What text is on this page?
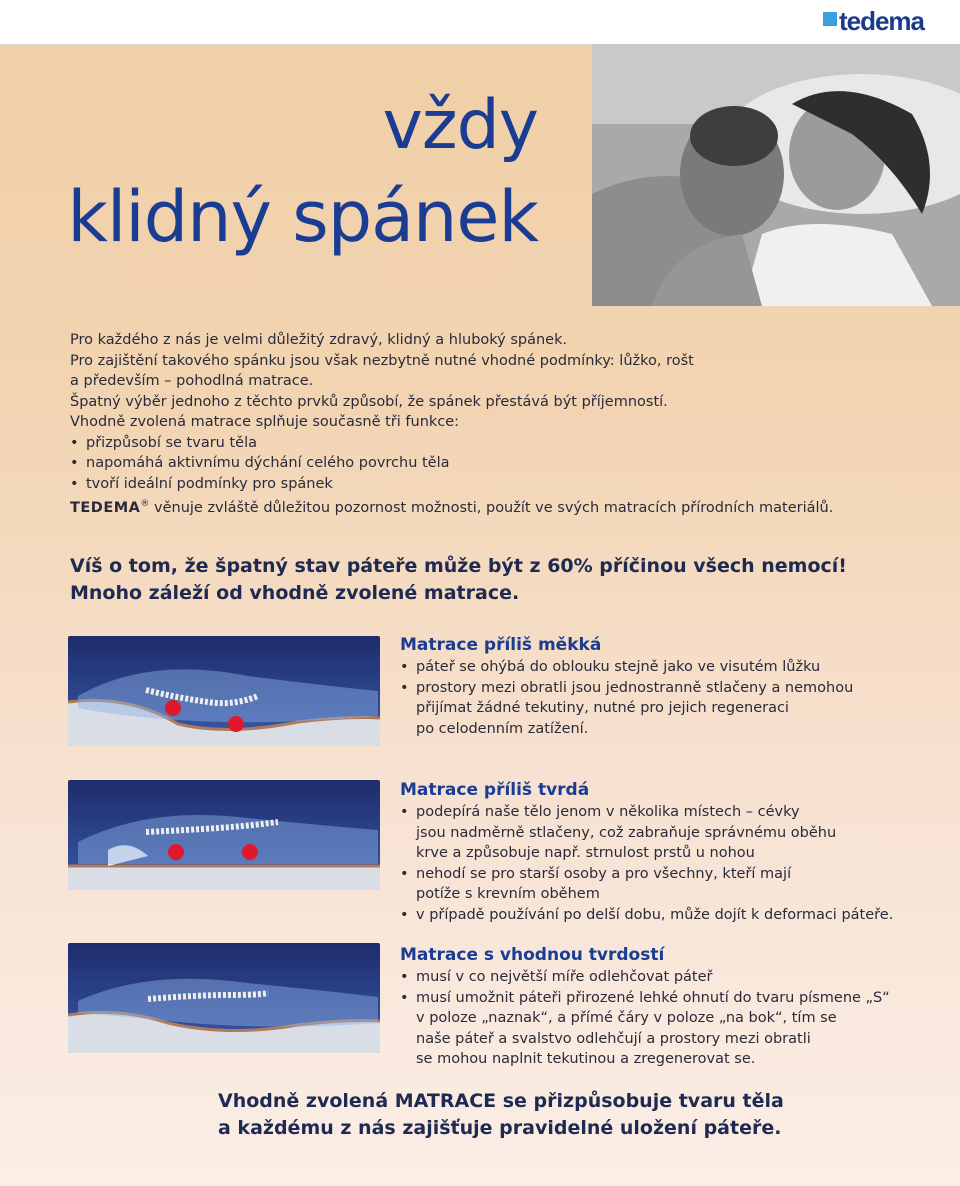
tedema
vždy
klidný spánek

Pro každého z nás je velmi důležitý zdravý, klidný a hluboký spánek.

Pro zajištění takového spánku jsou však nezbytně nutné vhodné podmínky: lůžko, rošt

a především – pohodlná matrace.

Špatný výběr jednoho z těchto prvků způsobí, že spánek přestává být příjemností.

Vhodně zvolená matrace splňuje současně tři funkce:

• přizpůsobí se tvaru těla

• napomáhá aktivnímu dýchání celého povrchu těla

• tvoří ideální podmínky pro spánek

TEDEMA® věnuje zvláště důležitou pozornost možnosti, použít ve svých matracích přírodních materiálů.

Víš o tom, že špatný stav páteře může být z 60% příčinou všech nemocí!

Mnoho záleží od vhodně zvolené matrace.

Matrace příliš měkká
• páteř se ohýbá do oblouku stejně jako ve visutém lůžku
• prostory mezi obratli jsou jednostranně stlačeny a nemohou
přijímat žádné tekutiny, nutné pro jejich regeneraci
po celodenním zatížení.
Matrace příliš tvrdá
• podepírá naše tělo jenom v několika místech – cévky
jsou nadměrně stlačeny, což zabraňuje správnému oběhu
krve a způsobuje např. strnulost prstů u nohou
• nehodí se pro starší osoby a pro všechny, kteří mají
potíže s krevním oběhem
• v případě používání po delší dobu, může dojít k deformaci páteře.
Matrace s vhodnou tvrdostí
• musí v co největší míře odlehčovat páteř
• musí umožnit páteři přirozené lehké ohnutí do tvaru písmene „S“
v poloze „naznak“, a přímé čáry v poloze „na bok“, tím se
naše páteř a svalstvo odlehčují a prostory mezi obratli
se mohou naplnit tekutinou a zregenerovat se.

Vhodně zvolená MATRACE se přizpůsobuje tvaru těla

a každému z nás zajišťuje pravidelné uložení páteře.
